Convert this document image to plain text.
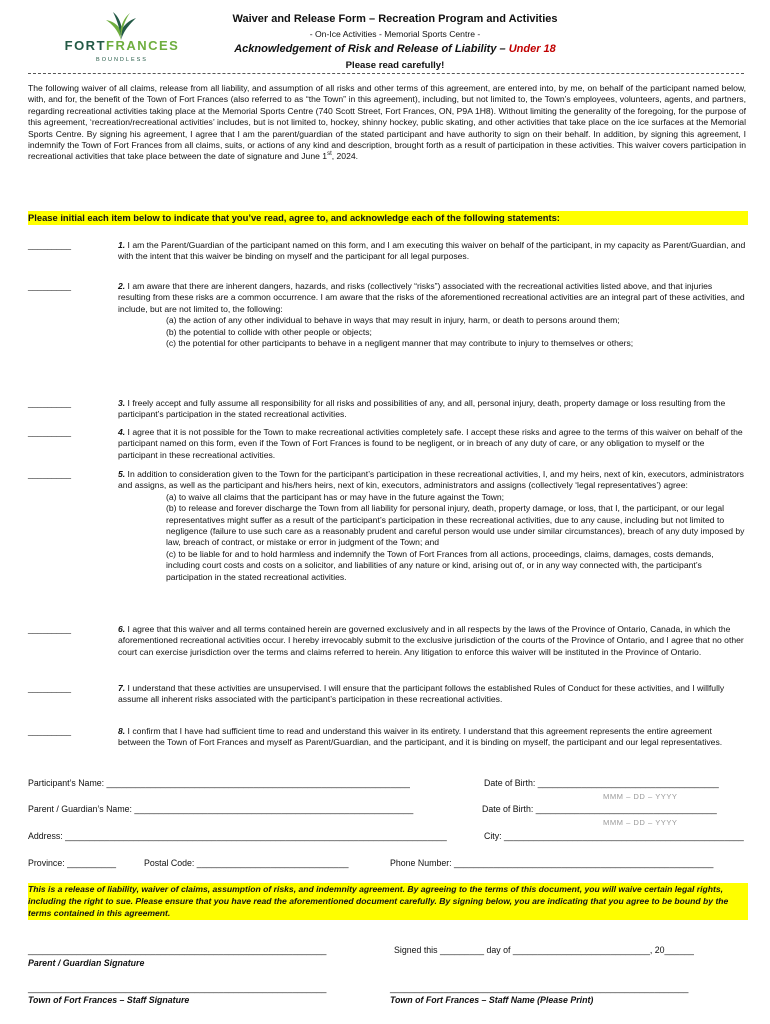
FORTFRANCES
BOUNDLESS
Waiver and Release Form – Recreation Program and Activities
- On-Ice Activities - Memorial Sports Centre -
Acknowledgement of Risk and Release of Liability – Under 18
Please read carefully!
The following waiver of all claims, release from all liability, and assumption of all risks and other terms of this agreement, are entered into, by me, on behalf of the participant named below, with, and for, the benefit of the Town of Fort Frances (also referred to as “the Town” in this agreement), including, but not limited to, the Town’s employees, volunteers, agents, and partners, regarding recreational activities taking place at the Memorial Sports Centre (740 Scott Street, Fort Frances, ON, P9A 1H8). Without limiting the generality of the foregoing, for the purpose of this agreement, ‘recreation/recreational activities’ includes, but is not limited to, hockey, shinny hockey, public skating, and other activities that take place on the ice surfaces at the Memorial Sports Centre. By signing his agreement, I agree that I am the parent/guardian of the stated participant and have authority to sign on their behalf. In addition, by signing this agreement, I indemnify the Town of Fort Frances from all claims, suits, or actions of any kind and description, brought forth as a result of participation in these activities. This waiver covers participation in recreational activities that take place between the date of signature and June 1st, 2024.
Please initial each item below to indicate that you’ve read, agree to, and acknowledge each of the following statements:
_________	1. I am the Parent/Guardian of the participant named on this form, and I am executing this waiver on behalf of the participant, in my capacity as Parent/Guardian, and with the intent that this waiver be binding on myself and the participant for all legal purposes.
_________	2. I am aware that there are inherent dangers, hazards, and risks (collectively “risks”) associated with the recreational activities listed above, and that injuries resulting from these risks are a common occurrence. I am aware that the risks of the aforementioned recreational activities are an integral part of these activities, and include, but are not limited to, the following:
(a) the action of any other individual to behave in ways that may result in injury, harm, or death to persons around them;
(b) the potential to collide with other people or objects;
(c) the potential for other participants to behave in a negligent manner that may contribute to injury to themselves or others;
_________	3. I freely accept and fully assume all responsibility for all risks and possibilities of any, and all, personal injury, death, property damage or loss resulting from the participant’s participation in the stated recreational activities.
_________	4. I agree that it is not possible for the Town to make recreational activities completely safe. I accept these risks and agree to the terms of this waiver on behalf of the participant named on this form, even if the Town of Fort Frances is found to be negligent, or in breach of any duty of care, or any obligation to myself or the participant in these recreational activities.
_________	5. In addition to consideration given to the Town for the participant’s participation in these recreational activities, I, and my heirs, next of kin, executors, administrators and assigns, as well as the participant and his/hers heirs, next of kin, executors, administrators and assigns (collectively ‘legal representatives’) agree:
(a) to waive all claims that the participant has or may have in the future against the Town;
(b) to release and forever discharge the Town from all liability for personal injury, death, property damage, or loss, that I, the participant, or our legal representatives might suffer as a result of the participant’s participation in these recreational activities, due to any cause, including but not limited to negligence (failure to use such care as a reasonably prudent and careful person would use under similar circumstances), breach of any duty imposed by law, breach of contract, or mistake or error in judgment of the Town; and
(c) to be liable for and to hold harmless and indemnify the Town of Fort Frances from all actions, proceedings, claims, damages, costs demands, including court costs and costs on a solicitor, and liabilities of any nature or kind, arising out of, or in any way connected with, the participant’s participation in the stated recreational activities.
_________	6. I agree that this waiver and all terms contained herein are governed exclusively and in all respects by the laws of the Province of Ontario, Canada, in which the aforementioned recreational activities occur. I hereby irrevocably submit to the exclusive jurisdiction of the courts of the Province of Ontario, and I agree that no other court can exercise jurisdiction over the terms and claims referred to herein. Any litigation to enforce this waiver will be instituted in the Province of Ontario.
_________	7. I understand that these activities are unsupervised. I will ensure that the participant follows the established Rules of Conduct for these activities, and I willfully assume all inherent risks associated with the participant’s participation in these recreational activities.
_________	8. I confirm that I have had sufficient time to read and understand this waiver in its entirety. I understand that this agreement represents the entire agreement between the Town of Fort Frances and myself as Parent/Guardian, and the participant, and it is binding on myself, the participant and our legal representatives.
Participant’s Name: ______________________________________________________________	Date of Birth: _____________________________________
MMM – DD – YYYY
Parent / Guardian’s Name: _________________________________________________________	Date of Birth: _____________________________________
MMM – DD – YYYY
Address: ______________________________________________________________________________	City: _________________________________________________
Province: __________	Postal Code: _______________________________	Phone Number: _____________________________________________________
This is a release of liability, waiver of claims, assumption of risks, and indemnity agreement. By agreeing to the terms of this document, you will waive certain legal rights, including the right to sue. Please ensure that you have read the aforementioned document carefully. By signing below, you are indicating that you agree to be bound by the terms contained in this agreement.
_____________________________________________________________
Parent / Guardian Signature
Signed this _________ day of ____________________________, 20______
_____________________________________________________________
Town of Fort Frances – Staff Signature
_____________________________________________________________
Town of Fort Frances – Staff Name (Please Print)
